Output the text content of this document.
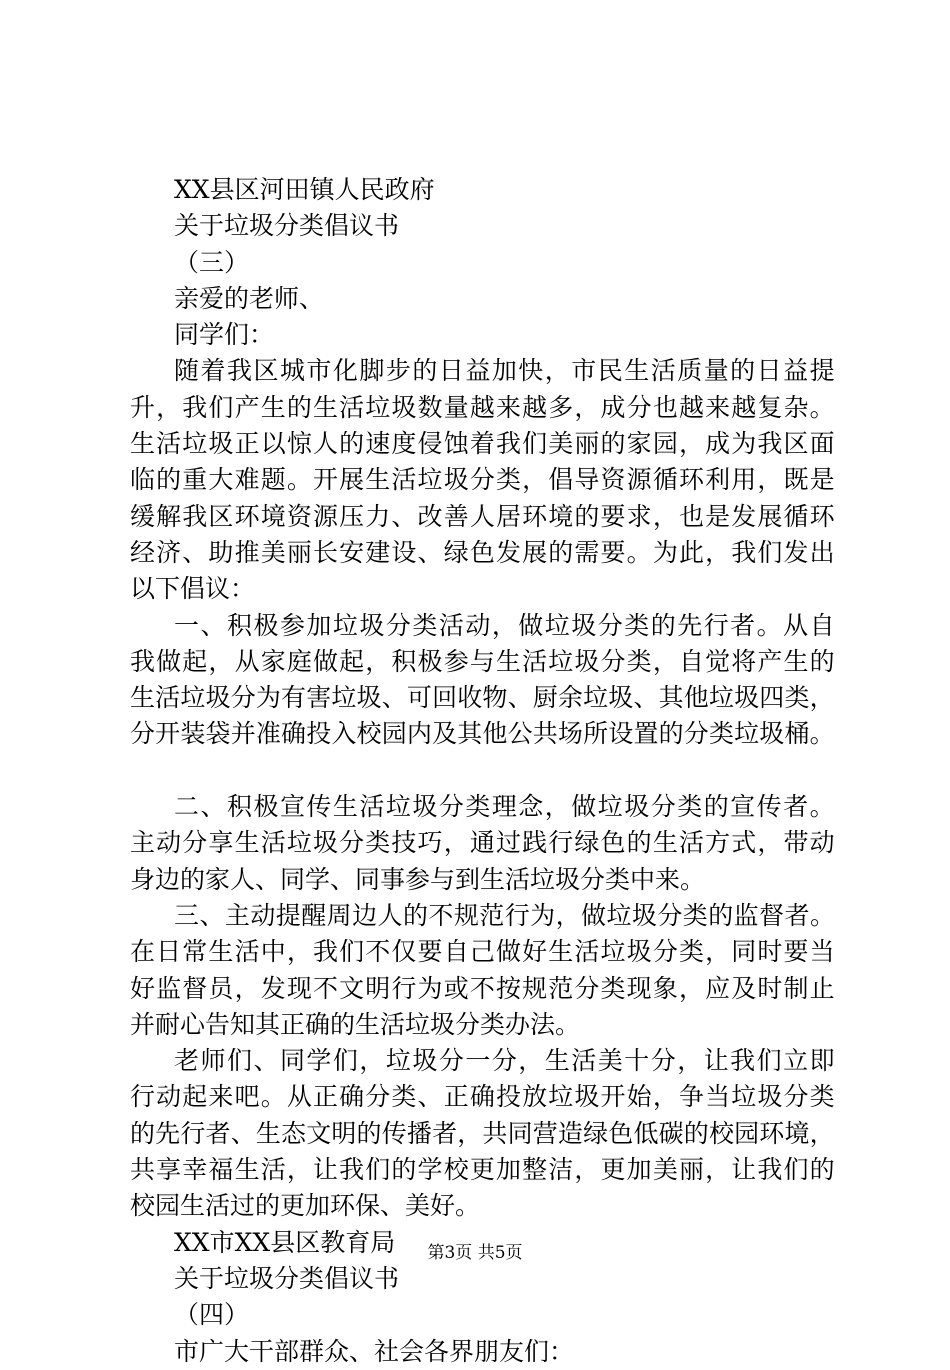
XX县区河田镇人民政府
关于垃圾分类倡议书
（三）
亲爱的老师、
同学们：
随 着 我 区 城 市 化 脚 步 的 日 益 加 快 ， 市 民 生 活 质 量 的 日 益 提
升 ， 我 们 产 生 的 生 活 垃 圾 数 量 越 来 越 多 ， 成 分 也 越 来 越 复 杂 。
生 活 垃 圾 正 以 惊 人 的 速 度 侵 蚀 着 我 们 美 丽 的 家 园 ， 成 为 我 区 面
临 的 重 大 难 题 。 开 展 生 活 垃 圾 分 类 ， 倡 导 资 源 循 环 利 用 ， 既 是
缓 解 我 区 环 境 资 源 压 力 、 改 善 人 居 环 境 的 要 求 ， 也 是 发 展 循 环
经 济 、 助 推 美 丽 长 安 建 设 、 绿 色 发 展 的 需 要 。 为 此 ， 我 们 发 出
以下倡议：
一 、 积 极 参 加 垃 圾 分 类 活 动 ， 做 垃 圾 分 类 的 先 行 者 。 从 自
我 做 起 ， 从 家 庭 做 起 ， 积 极 参 与 生 活 垃 圾 分 类 ， 自 觉 将 产 生 的
生 活 垃 圾 分 为 有 害 垃 圾 、 可 回 收 物 、 厨 余 垃 圾 、 其 他 垃 圾 四 类 ，
分 开 装 袋 并 准 确 投 入 校 园 内 及 其 他 公 共 场 所 设 置 的 分 类 垃 圾 桶 。
二 、 积 极 宣 传 生 活 垃 圾 分 类 理 念 ， 做 垃 圾 分 类 的 宣 传 者 。
主 动 分 享 生 活 垃 圾 分 类 技 巧 ， 通 过 践 行 绿 色 的 生 活 方 式 ， 带 动
身边的家人、同学、同事参与到生活垃圾分类中来。
三 、 主 动 提 醒 周 边 人 的 不 规 范 行 为 ， 做 垃 圾 分 类 的 监 督 者 。
在 日 常 生 活 中 ， 我 们 不 仅 要 自 己 做 好 生 活 垃 圾 分 类 ， 同 时 要 当
好 监 督 员 ， 发 现 不 文 明 行 为 或 不 按 规 范 分 类 现 象 ， 应 及 时 制 止
并耐心告知其正确的生活垃圾分类办法。
老 师 们 、 同 学 们 ， 垃 圾 分 一 分 ， 生 活 美 十 分 ， 让 我 们 立 即
行 动 起 来 吧 。 从 正 确 分 类 、 正 确 投 放 垃 圾 开 始 ， 争 当 垃 圾 分 类
的 先 行 者 、 生 态 文 明 的 传 播 者 ， 共 同 营 造 绿 色 低 碳 的 校 园 环 境 ，
共 享 幸 福 生 活 ， 让 我 们 的 学 校 更 加 整 洁 ， 更 加 美 丽 ， 让 我 们 的
校园生活过的更加环保、美好。
XX市XX县区教育局
关于垃圾分类倡议书
（四）
市广大干部群众、社会各界朋友们：
第3页 共5页
